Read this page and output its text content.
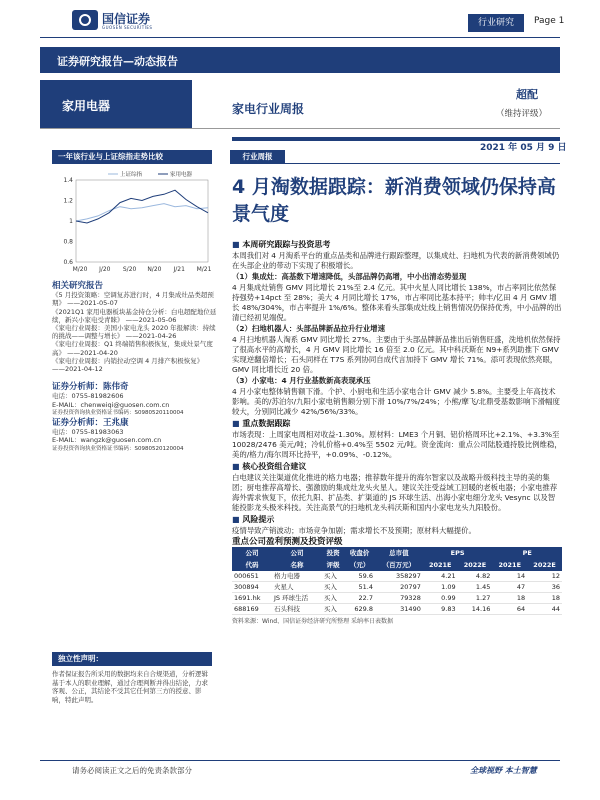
国信证券
GUOSEN SECURITIES	行业研究	Page 1
证券研究报告—动态报告
家用电器	家电行业周报
超配
（维持评级）
2021 年 05 月 9 日
一年该行业与上证综指走势比较	行业周报
4 月淘数据跟踪：新消费领域仍保持高景气度
0.6
0.8
1
1.2
1.4
M/20 J/20 S/20 N/20 J/21 M/21
上证综指	家用电器
相关研究报告
《5 月投资策略：空调复苏进行时，4 月集成灶品类超预期》 ——2021-05-07
《2021Q1 家用电器板块基金持仓分析：白电超配地位延续，新兴小家电受青睐》 ——2021-05-06
《家电行业周报：美国小家电龙头 2020 年报解读：持续的挑战——调整与增长》 ——2021-04-26
《家电行业周报：Q1 终端销售积极恢复，集成灶景气度高》 ——2021-04-20
《家电行业周报：内销拉动空调 4 月排产积极恢复》 ——2021-04-12
证券分析师：陈伟奇
电话：0755-81982606
E-MAIL：chenweiqi@guosen.com.cn
证券投资咨询执业资格证书编码：S0980520110004
证券分析师：王兆康
电话：0755-81983063
E-MAIL：wangzk@guosen.com.cn
证券投资咨询执业资格证书编码：S0980520120004
独立性声明：
作者保证报告所采用的数据均来自合规渠道，分析逻辑基于本人的职业理解，通过合理判断并得出结论，力求客观、公正，其结论不受其它任何第三方的授意、影响，特此声明。
■ 本周研究跟踪与投资思考
本周我们对 4 月淘系平台的重点品类和品牌进行跟踪整理，以集成灶、扫地机为代表的新消费领域仍在头部企业的带动下实现了积极增长。
（1）集成灶：高基数下增速降低，头部品牌仍高增，中小出清态势显现
4 月集成灶销售 GMV 同比增长 21%至 2.4 亿元。其中火星人同比增长 138%，市占率同比依然保持强势+14pct 至 28%；美大 4 月同比增长 17%，市占率同比基本持平；帅丰/亿田 4 月 GMV 增长 48%/304%，市占率提升 1%/6%。整体来看头部集成灶线上销售情况仍保持优秀，中小品牌的出清已经初见端倪。
（2）扫地机器人：头部品牌新品拉升行业增速
4 月扫地机器人淘系 GMV 同比增长 27%。主要由于头部品牌新品推出后销售旺盛，洗地机依然保持了很高水平的高增长，4 月 GMV 同比增长 16 倍至 2.0 亿元。其中科沃斯在 N9+系列助推下 GMV 实现逆翻倍增长；石头同样在 T7S 系列协同自成代言加持下 GMV 增长 71%。添可表现依然亮眼，GMV 同比增长近 20 倍。
（3）小家电：4 月行业基数新高表现承压
4 月小家电整体销售额下滑。个护、小厨电和生活小家电合计 GMV 减少 5.8%。主要受上年高技术影响。美的/苏泊尔/九阳小家电销售额分别下滑 10%/7%/24%；小熊/摩飞/北鼎受基数影响下滑幅度较大，分别同比减少 42%/56%/33%。
■ 重点数据跟踪
市场表现：上周家电周相对收益-1.30%。原材料：LME3 个月铜、铝价格周环比+2.1%、+3.3%至 10028/2476 美元/吨；冷轧价格+0.4%至 5502 元/吨。资金流向：重点公司陆股通持股比例维稳，美的/格力/海尔周环比持平，+0.09%、-0.12%。
■ 核心投资组合建议
白电建议关注渠道优化推进的格力电器；推荐数年提升的海尔智家以及战略升级科技主导的美的集团；厨电推荐高增长、强激励的集成灶龙头火星人。建议关注受益域工回暖的老板电器；小家电推荐海外需求恢复下，依托九阳、扩品类、扩渠道的 JS 环球生活、出海小家电细分龙头 Vesync 以及智能投影龙头极米科技。关注高景气的扫地机龙头科沃斯和国内小家电龙头九阳股份。
■ 风险提示
疫情导致产销波动；市场竞争加剧；需求增长不及预期；原材料大幅提价。
重点公司盈利预测及投资评级
公司	公司	投资	收盘价	总市值	EPS		PE	
代码	名称	评级	（元）	（百万元）	2021E	2022E	2021E	2022E
000651	格力电器	买入	59.6	358297	4.21	4.82	14	12
300894	火星人	买入	51.4	20797	1.09	1.45	47	36
1691.hk	JS 环球生活	买入	22.7	79328	0.99	1.27	18	18
688169	石头科技	买入	629.8	31490	9.83	14.16	64	44
资料来源：Wind、国信证券经济研究所整理 采纳率日表数据
请务必阅读正文之后的免责条款部分	全球视野 本土智慧
